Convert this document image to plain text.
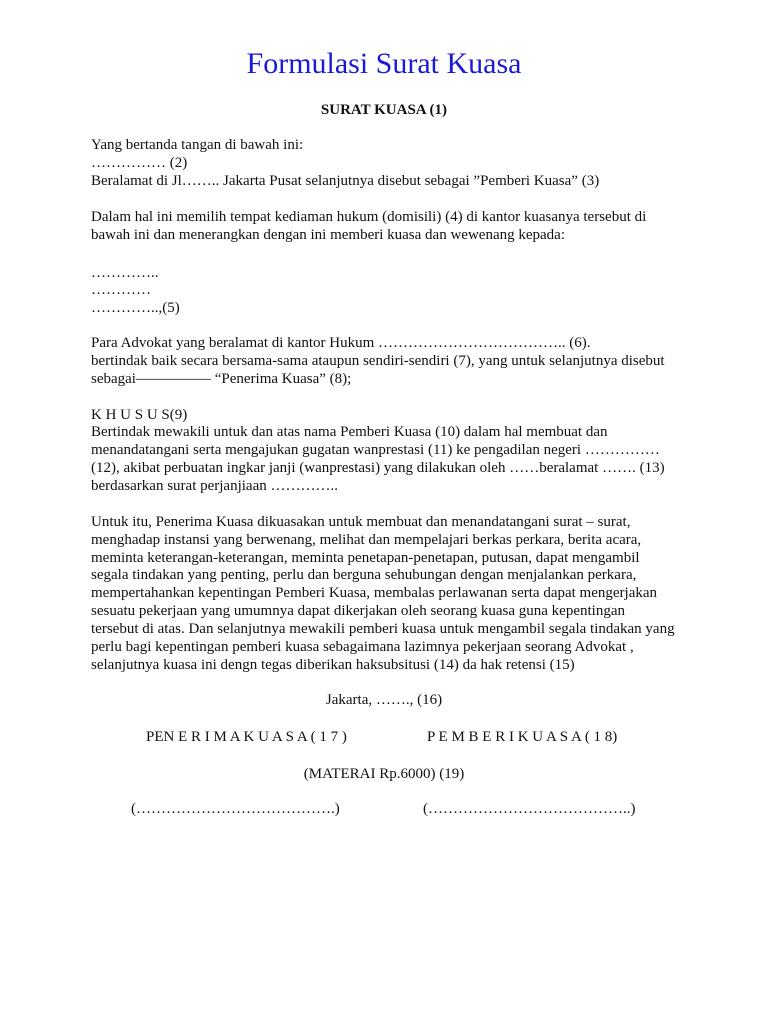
Formulasi Surat Kuasa
SURAT KUASA (1)
Yang bertanda tangan di bawah ini:
…………… (2)
Beralamat di Jl…….. Jakarta Pusat selanjutnya disebut sebagai ”Pemberi Kuasa” (3)
Dalam hal ini memilih tempat kediaman hukum (domisili) (4) di kantor kuasanya tersebut di
bawah ini dan menerangkan dengan ini memberi kuasa dan wewenang kepada:
…………..
…………
…………..,(5)
Para Advokat yang beralamat di kantor Hukum ……………………………….. (6).
bertindak baik secara bersama-sama ataupun sendiri-sendiri (7), yang untuk selanjutnya disebut
sebagai————— “Penerima Kuasa” (8);
K H U S U S(9)
Bertindak mewakili untuk dan atas nama Pemberi Kuasa (10) dalam hal membuat dan
menandatangani serta mengajukan gugatan wanprestasi (11) ke pengadilan negeri ……………
(12), akibat perbuatan ingkar janji (wanprestasi) yang dilakukan oleh ……beralamat ……. (13)
berdasarkan surat perjanjiaan …………..
Untuk itu, Penerima Kuasa dikuasakan untuk membuat dan menandatangani surat – surat,
menghadap instansi yang berwenang, melihat dan mempelajari berkas perkara, berita acara,
meminta keterangan-keterangan, meminta penetapan-penetapan, putusan, dapat mengambil
segala tindakan yang penting, perlu dan berguna sehubungan dengan menjalankan perkara,
mempertahankan kepentingan Pemberi Kuasa, membalas perlawanan serta dapat mengerjakan
sesuatu pekerjaan yang umumnya dapat dikerjakan oleh seorang kuasa guna kepentingan
tersebut di atas. Dan selanjutnya mewakili pemberi kuasa untuk mengambil segala tindakan yang
perlu bagi kepentingan pemberi kuasa sebagaimana lazimnya pekerjaan seorang Advokat ,
selanjutnya kuasa ini dengn tegas diberikan haksubsitusi (14) da hak retensi (15)
Jakarta, ……., (16)
PEN E R I M A K U A S A ( 1 7 )	P E M B E R I K U A S A ( 1 8)
(MATERAI Rp.6000) (19)
(………………………………….)	(…………………………………..)
